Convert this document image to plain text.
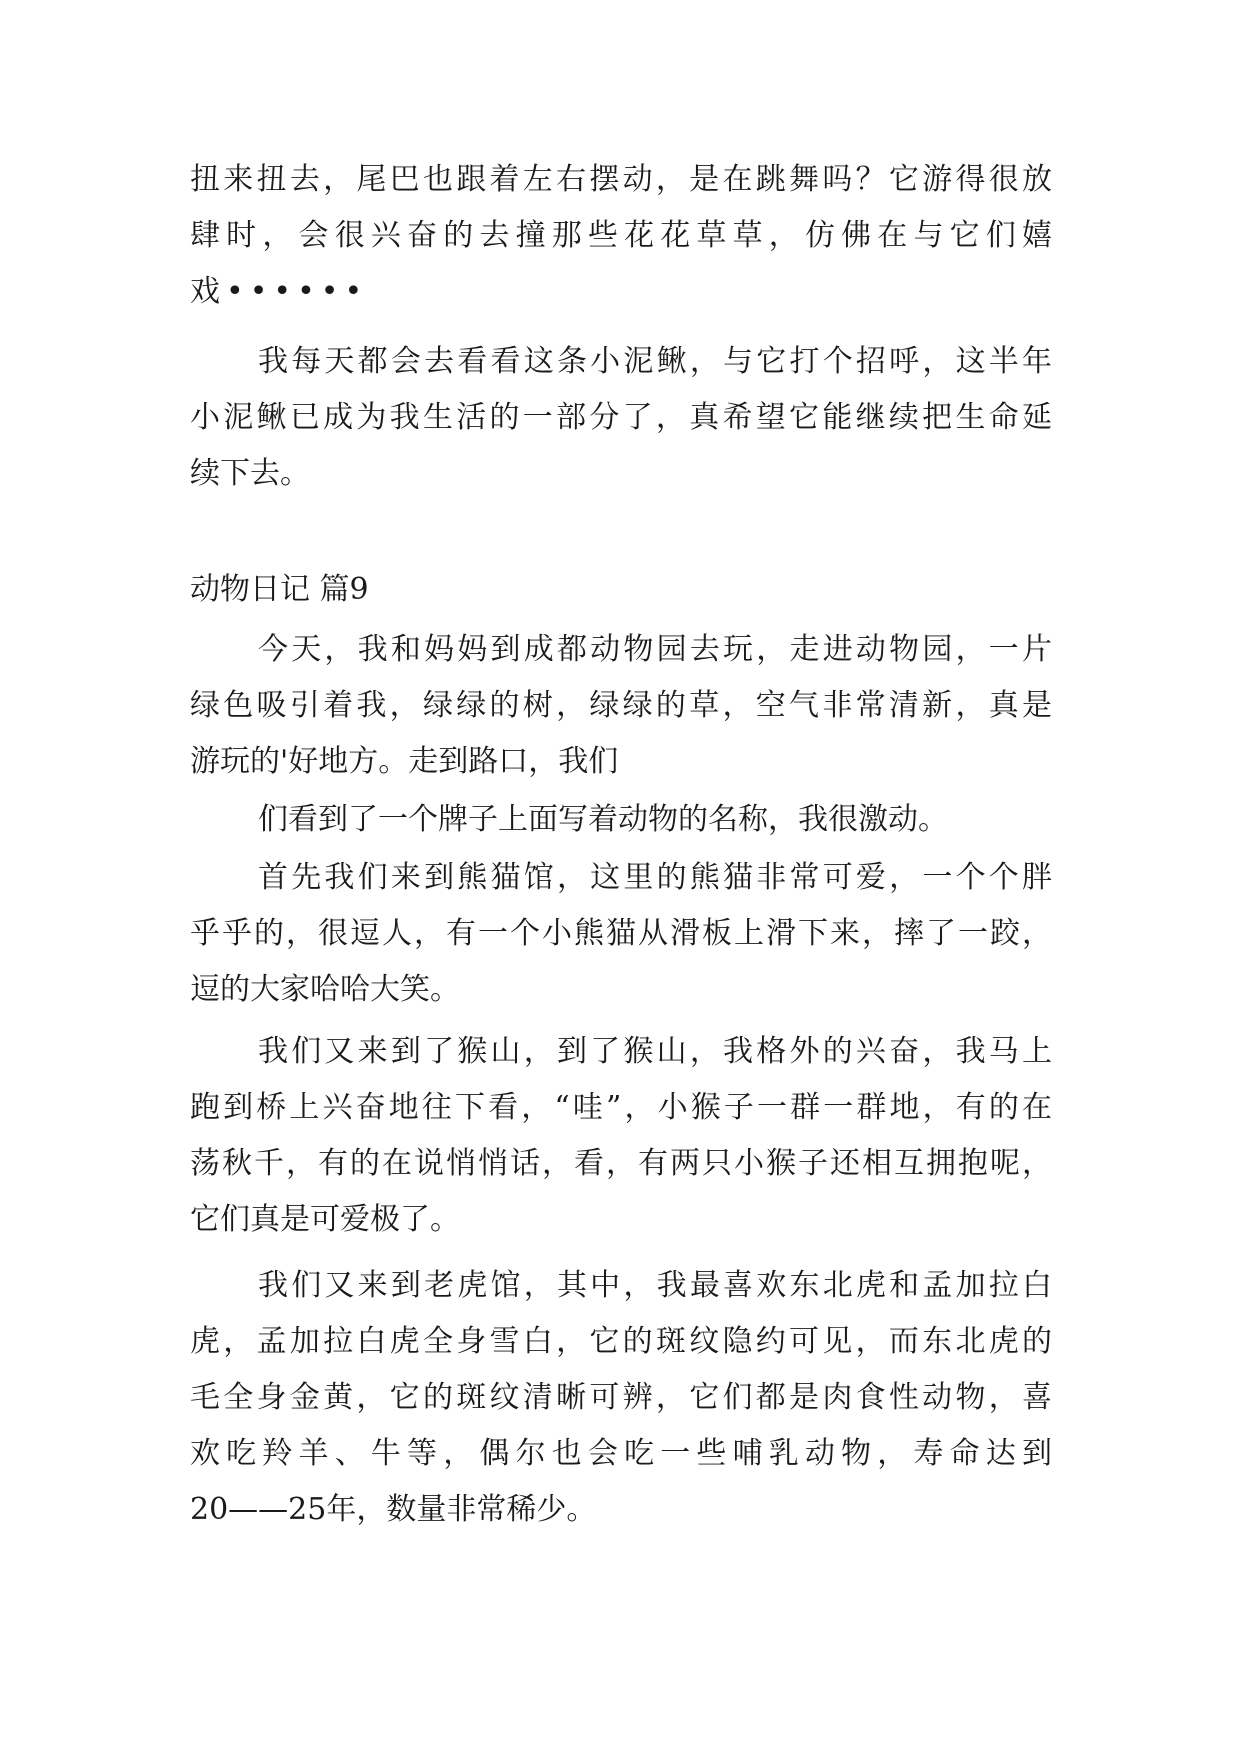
扭来扭去，尾巴也跟着左右摆动，是在跳舞吗？它游得很放
肆时，会很兴奋的去撞那些花花草草，仿佛在与它们嬉
戏••••••
我每天都会去看看这条小泥鳅，与它打个招呼，这半年
小泥鳅已成为我生活的一部分了，真希望它能继续把生命延
续下去。
动物日记 篇9
今天，我和妈妈到成都动物园去玩，走进动物园，一片
绿色吸引着我，绿绿的树，绿绿的草，空气非常清新，真是
游玩的'好地方。走到路口，我们
们看到了一个牌子上面写着动物的名称，我很激动。
首先我们来到熊猫馆，这里的熊猫非常可爱，一个个胖
乎乎的，很逗人，有一个小熊猫从滑板上滑下来，摔了一跤，
逗的大家哈哈大笑。
我们又来到了猴山，到了猴山，我格外的兴奋，我马上
跑到桥上兴奋地往下看，“哇”，小猴子一群一群地，有的在
荡秋千，有的在说悄悄话，看，有两只小猴子还相互拥抱呢，
它们真是可爱极了。
我们又来到老虎馆，其中，我最喜欢东北虎和孟加拉白
虎，孟加拉白虎全身雪白，它的斑纹隐约可见，而东北虎的
毛全身金黄，它的斑纹清晰可辨，它们都是肉食性动物，喜
欢吃羚羊、牛等，偶尔也会吃一些哺乳动物，寿命达到
20——25年，数量非常稀少。
